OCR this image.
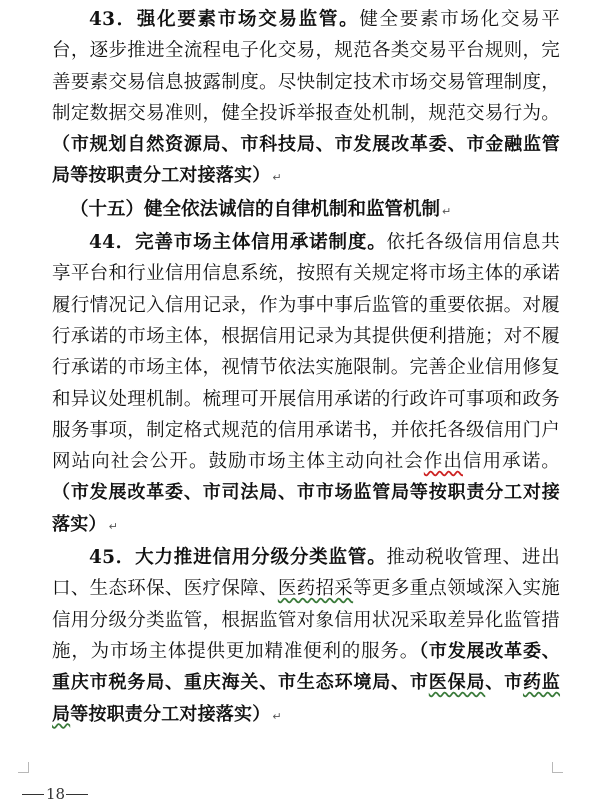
43．强化要素市场交易监管。健全要素市场化交易平台，逐步推进全流程电子化交易，规范各类交易平台规则，完善要素交易信息披露制度。尽快制定技术市场交易管理制度，制定数据交易准则，健全投诉举报查处机制，规范交易行为。（市规划自然资源局、市科技局、市发展改革委、市金融监管局等按职责分工对接落实） ↵

（十五）健全依法诚信的自律机制和监管机制 ↵

44．完善市场主体信用承诺制度。依托各级信用信息共享平台和行业信用信息系统，按照有关规定将市场主体的承诺履行情况记入信用记录，作为事中事后监管的重要依据。对履行承诺的市场主体，根据信用记录为其提供便利措施；对不履行承诺的市场主体，视情节依法实施限制。完善企业信用修复和异议处理机制。梳理可开展信用承诺的行政许可事项和政务服务事项，制定格式规范的信用承诺书，并依托各级信用门户网站向社会公开。鼓励市场主体主动向社会作出信用承诺。（市发展改革委、市司法局、市市场监管局等按职责分工对接落实） ↵

45．大力推进信用分级分类监管。推动税收管理、进出口、生态环保、医疗保障、医药招采等更多重点领域深入实施信用分级分类监管，根据监管对象信用状况采取差异化监管措施，为市场主体提供更加精准便利的服务。（市发展改革委、重庆市税务局、重庆海关、市生态环境局、市医保局、市药监局等按职责分工对接落实） ↵

18
